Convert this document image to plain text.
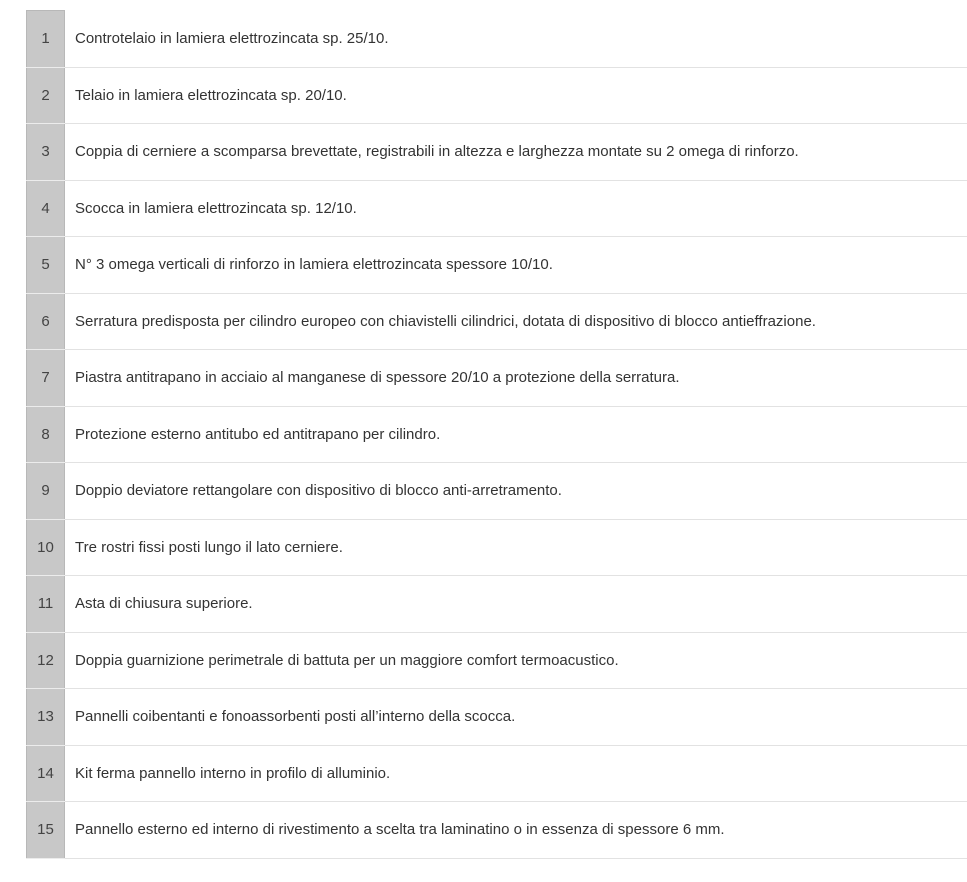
1	Controtelaio in lamiera elettrozincata sp. 25/10.
2	Telaio in lamiera elettrozincata sp. 20/10.
3	Coppia di cerniere a scomparsa brevettate, registrabili in altezza e larghezza montate su 2 omega di rinforzo.
4	Scocca in lamiera elettrozincata sp. 12/10.
5	N° 3 omega verticali di rinforzo in lamiera elettrozincata spessore 10/10.
6	Serratura predisposta per cilindro europeo con chiavistelli cilindrici, dotata di dispositivo di blocco antieffrazione.
7	Piastra antitrapano in acciaio al manganese di spessore 20/10 a protezione della serratura.
8	Protezione esterno antitubo ed antitrapano per cilindro.
9	Doppio deviatore rettangolare con dispositivo di blocco anti-arretramento.
10	Tre rostri fissi posti lungo il lato cerniere.
11	Asta di chiusura superiore.
12	Doppia guarnizione perimetrale di battuta per un maggiore comfort termoacustico.
13	Pannelli coibentanti e fonoassorbenti posti all’interno della scocca.
14	Kit ferma pannello interno in profilo di alluminio.
15	Pannello esterno ed interno di rivestimento a scelta tra laminatino o in essenza di spessore 6 mm.
